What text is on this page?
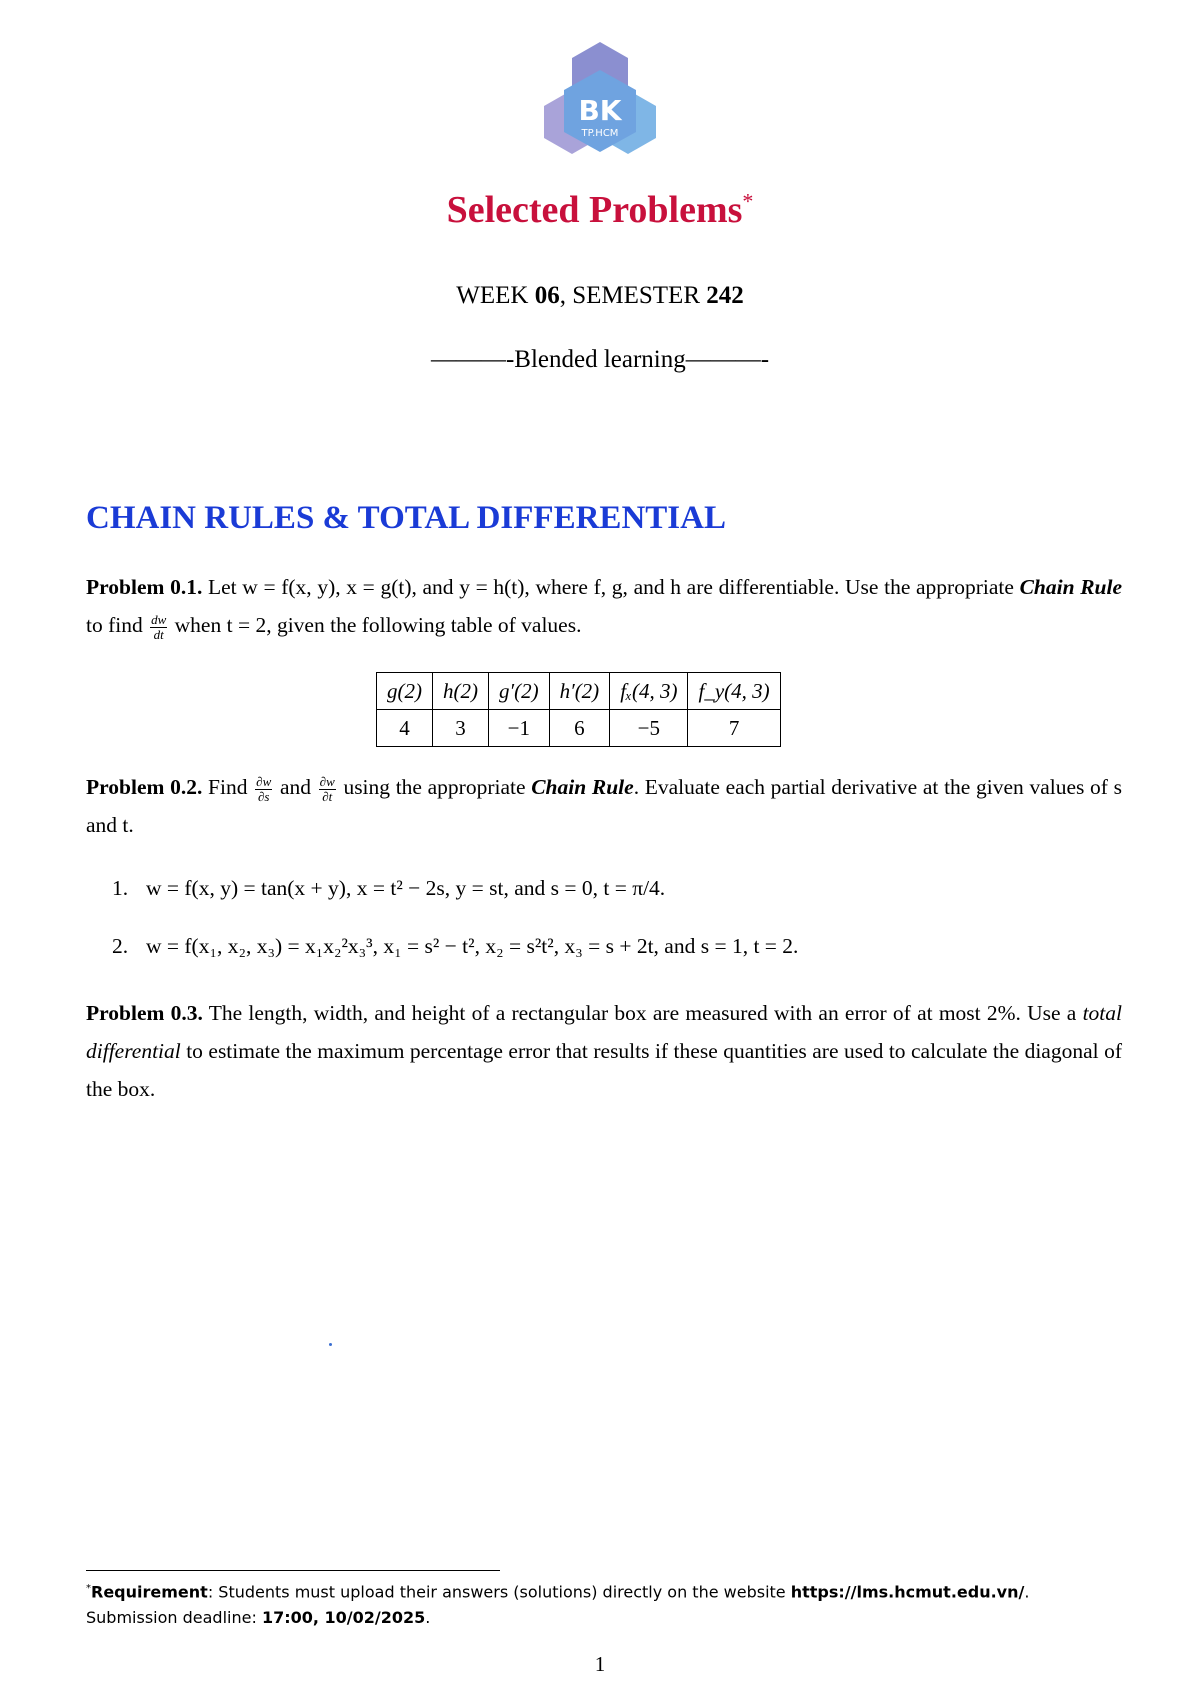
BK
TP.HCM
Selected Problems*
WEEK 06, SEMESTER 242
———-Blended learning———-
CHAIN RULES & TOTAL DIFFERENTIAL
Problem 0.1. Let w = f(x, y), x = g(t), and y = h(t), where f, g, and h are differentiable. Use the appropriate Chain Rule to find $\frac{dw}{dt}$ when t = 2, given the following table of values.
g(2)	h(2)	g′(2)	h′(2)	fₓ(4, 3)	f_y(4, 3)
4	3	−1	6	−5	7
Problem 0.2. Find $\frac{\partial w}{\partial s}$ and $\frac{\partial w}{\partial t}$ using the appropriate Chain Rule. Evaluate each partial derivative at the given values of s and t.
1. w = f(x, y) = tan(x + y), x = t² − 2s, y = st, and s = 0, t = π/4.
2. w = f(x₁, x₂, x₃) = x₁x₂²x₃³, x₁ = s² − t², x₂ = s²t², x₃ = s + 2t, and s = 1, t = 2.
Problem 0.3. The length, width, and height of a rectangular box are measured with an error of at most 2%. Use a total differential to estimate the maximum percentage error that results if these quantities are used to calculate the diagonal of the box.
*Requirement: Students must upload their answers (solutions) directly on the website https://lms.hcmut.edu.vn/.
Submission deadline: 17:00, 10/02/2025.
1
